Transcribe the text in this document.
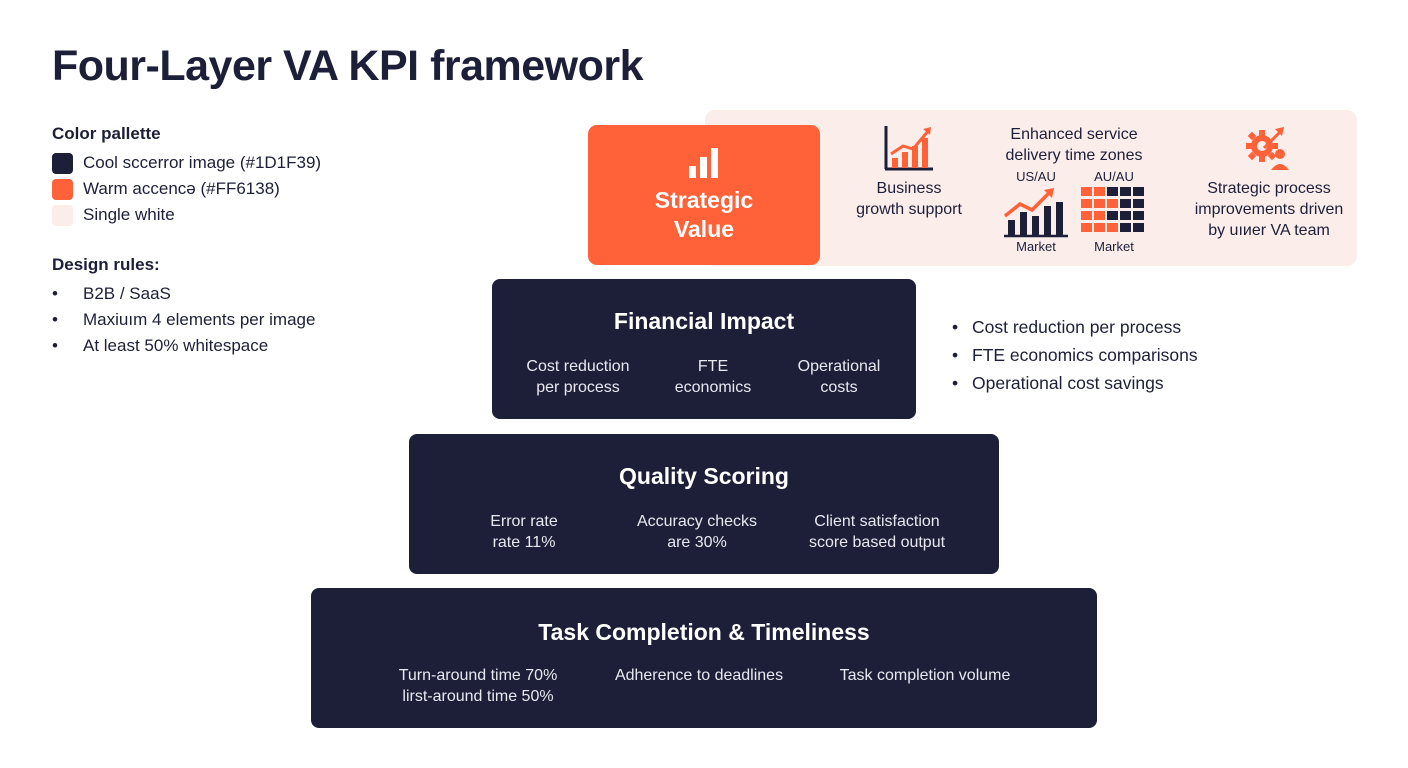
Four-Layer VA KPI framework
Color pallette
Cool sccеrror image (#1D1F39)
Warm accencə (#FF6138)
Single white
Design rules:
•	B2B / SaaS
•	Maxiuım 4 elements per image
•	At least 50% whitespace
Strategic Value
Business
growth support
Enhanced service
delivery time zones
US/AU	AU/AU
Market	Market
Strategic process
improvements driven
by uıиer VA team
Financial Impact
Cost reduction
per process
FTE
economics
Operational
costs
• Cost reduction per process
• FTE economics comparisons
• Operational cost savings
Quality Scoring
Error rate
rate 11%
Accuracy checks
are 30%
Client satisfaction
score based output
Task Completion & Timeliness
Turn-around time 70%
lirst-around time 50%
Adherence to deadlines	Task completion volume
